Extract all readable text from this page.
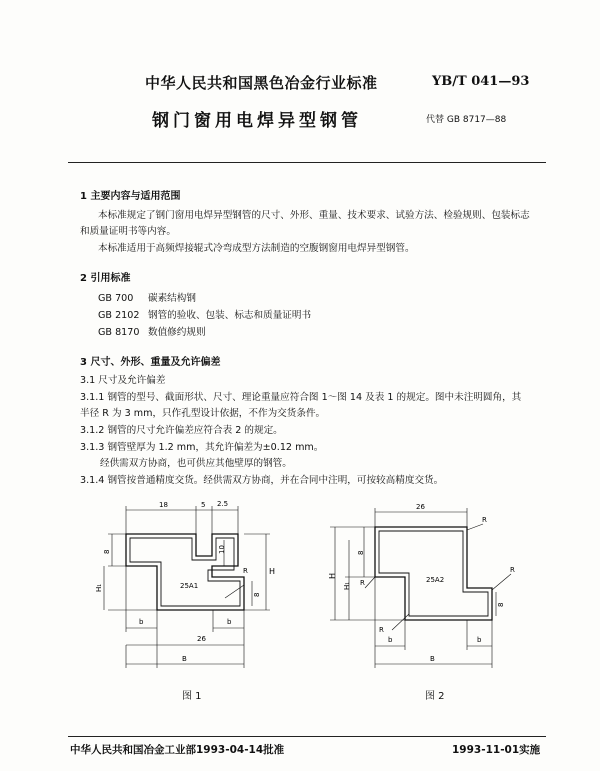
中华人民共和国黑色冶金行业标准	YB/T 041—93
钢门窗用电焊异型钢管	代替 GB 8717—88
1 主要内容与适用范围
本标准规定了钢门窗用电焊异型钢管的尺寸、外形、重量、技术要求、试验方法、检验规则、包装标志
和质量证明书等内容。
本标准适用于高频焊接辊式冷弯成型方法制造的空腹钢窗用电焊异型钢管。
2 引用标准
GB 700 碳素结构钢
GB 2102 钢管的验收、包装、标志和质量证明书
GB 8170 数值修约规则
3 尺寸、外形、重量及允许偏差
3.1 尺寸及允许偏差
3.1.1 钢管的型号、截面形状、尺寸、理论重量应符合图 1～图 14 及表 1 的规定。图中未注明圆角，其
半径 R 为 3 mm，只作孔型设计依据，不作为交货条件。
3.1.2 钢管的尺寸允许偏差应符合表 2 的规定。
3.1.3 钢管壁厚为 1.2 mm，其允许偏差为±0.12 mm。
经供需双方协商，也可供应其他壁厚的钢管。
3.1.4 钢管按普通精度交货。经供需双方协商，并在合同中注明，可按较高精度交货。
25A1
18	5 2.5
8	10
H₁
H
R
8
b	b
26
B
图 1
25A2
26
R
R
R
R
H
H₁
8
8
b	b
B
图 2
中华人民共和国冶金工业部1993-04-14批准	1993-11-01实施
